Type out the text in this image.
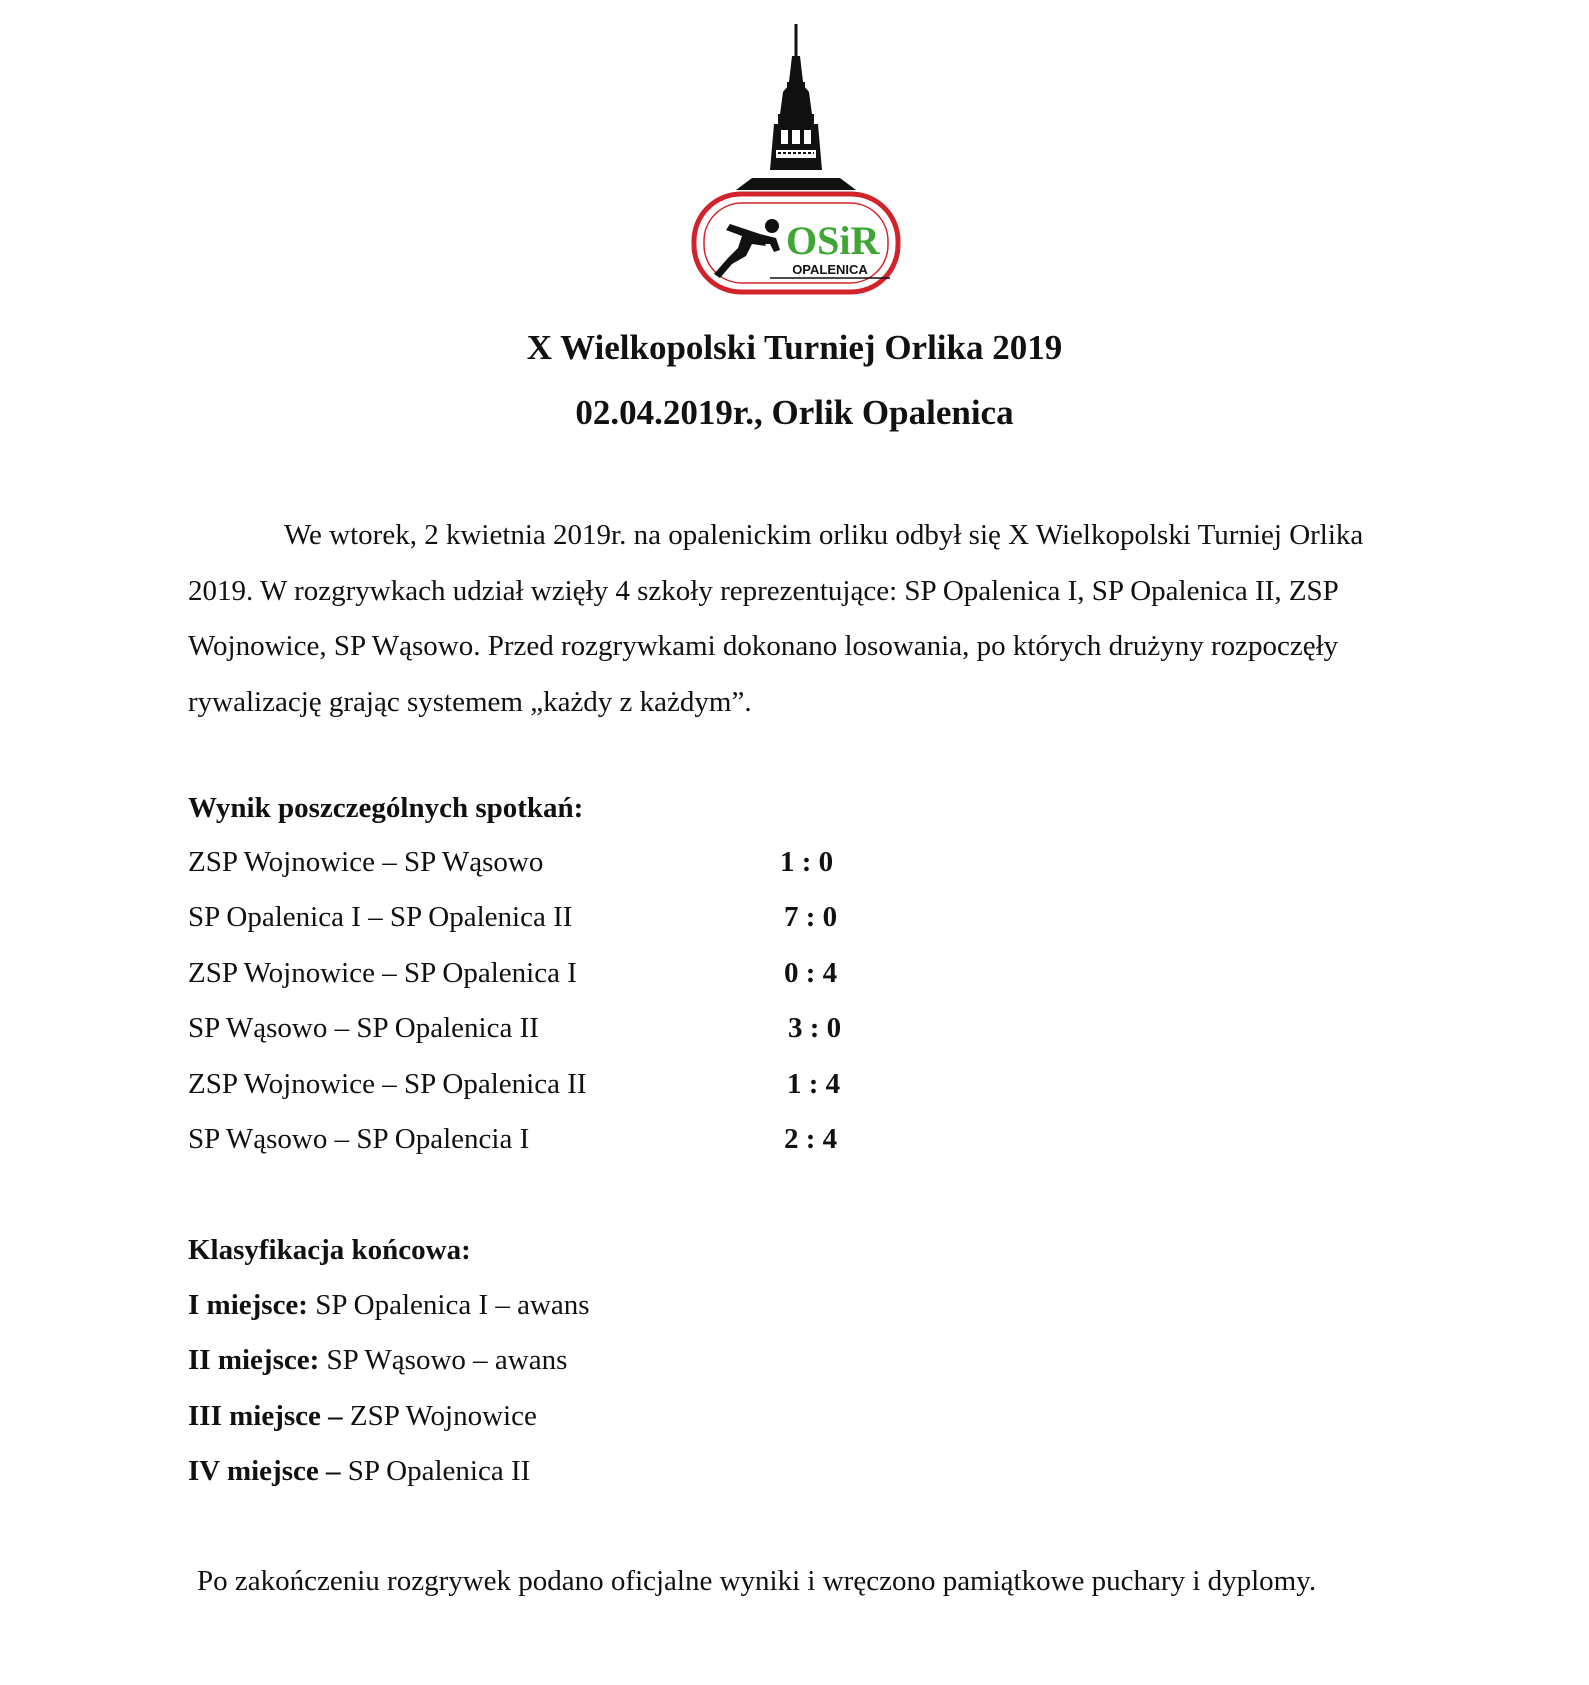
OSiR
OPALENICA
X Wielkopolski Turniej Orlika 2019
02.04.2019r., Orlik Opalenica

We wtorek, 2 kwietnia 2019r. na opalenickim orliku odbył się X Wielkopolski Turniej Orlika 2019. W rozgrywkach udział wzięły 4 szkoły reprezentujące: SP Opalenica I, SP Opalenica II, ZSP Wojnowice, SP Wąsowo. Przed rozgrywkami dokonano losowania, po których drużyny rozpoczęły rywalizację grając systemem „każdy z każdym”.

Wynik poszczególnych spotkań:
ZSP Wojnowice – SP Wąsowo	1 : 0
SP Opalenica I – SP Opalenica II	7 : 0
ZSP Wojnowice – SP Opalenica I	0 : 4
SP Wąsowo – SP Opalenica II	3 : 0
ZSP Wojnowice – SP Opalenica II	1 : 4
SP Wąsowo – SP Opalencia I	2 : 4
Klasyfikacja końcowa:
I miejsce: SP Opalenica I – awans
II miejsce: SP Wąsowo – awans
III miejsce – ZSP Wojnowice
IV miejsce – SP Opalenica II

Po zakończeniu rozgrywek podano oficjalne wyniki i wręczono pamiątkowe puchary i dyplomy.
